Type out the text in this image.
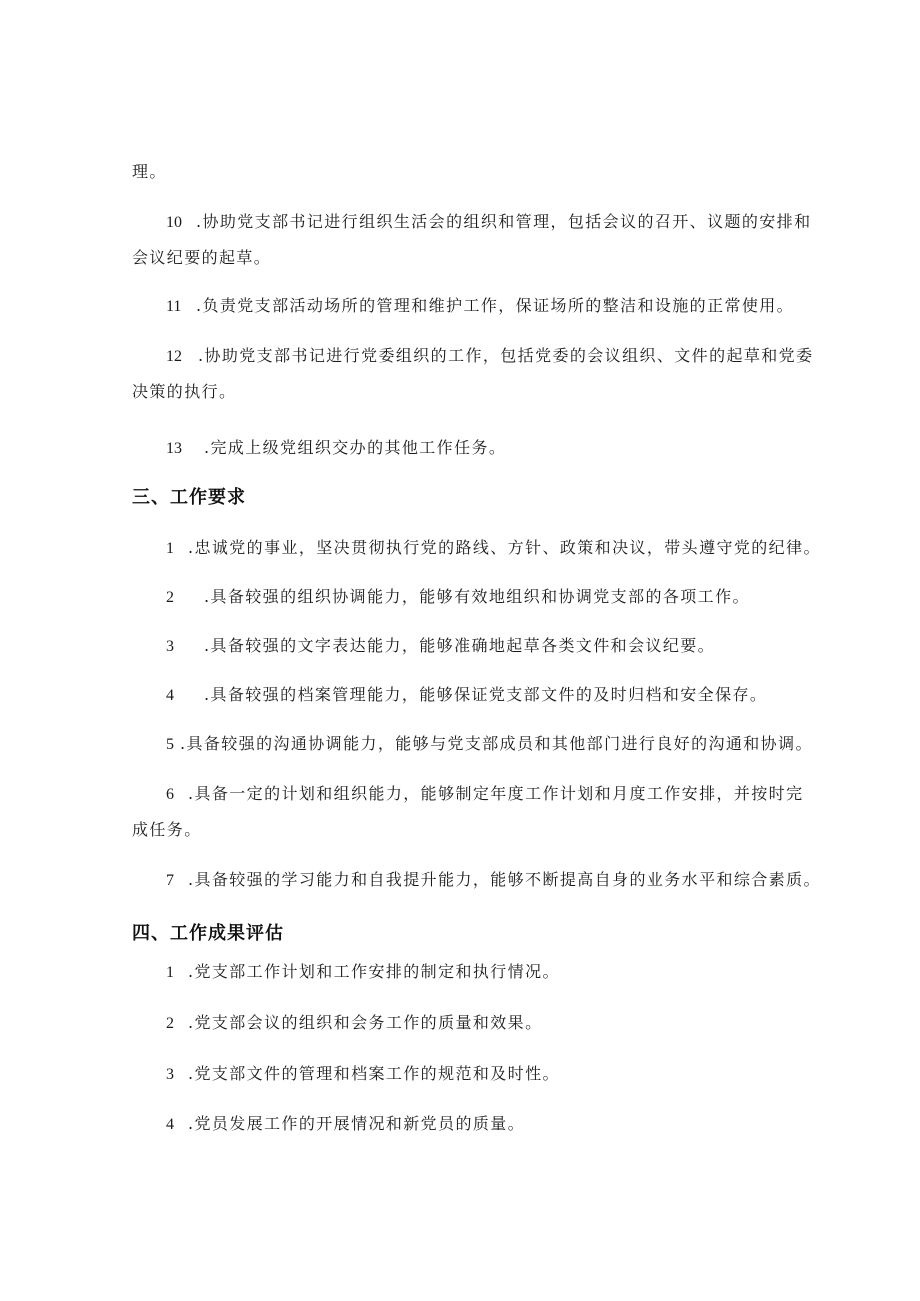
理。
10 .协助党支部书记进行组织生活会的组织和管理，包括会议的召开、议题的安排和
会议纪要的起草。
11 .负责党支部活动场所的管理和维护工作，保证场所的整洁和设施的正常使用。
12 .协助党支部书记进行党委组织的工作，包括党委的会议组织、文件的起草和党委
决策的执行。
13 .完成上级党组织交办的其他工作任务。
三、工作要求
1 .忠诚党的事业，坚决贯彻执行党的路线、方针、政策和决议，带头遵守党的纪律。
2 .具备较强的组织协调能力，能够有效地组织和协调党支部的各项工作。
3 .具备较强的文字表达能力，能够准确地起草各类文件和会议纪要。
4 .具备较强的档案管理能力，能够保证党支部文件的及时归档和安全保存。
5 .具备较强的沟通协调能力，能够与党支部成员和其他部门进行良好的沟通和协调。
6 .具备一定的计划和组织能力，能够制定年度工作计划和月度工作安排，并按时完
成任务。
7 .具备较强的学习能力和自我提升能力，能够不断提高自身的业务水平和综合素质。
四、工作成果评估
1 .党支部工作计划和工作安排的制定和执行情况。
2 .党支部会议的组织和会务工作的质量和效果。
3 .党支部文件的管理和档案工作的规范和及时性。
4 .党员发展工作的开展情况和新党员的质量。
